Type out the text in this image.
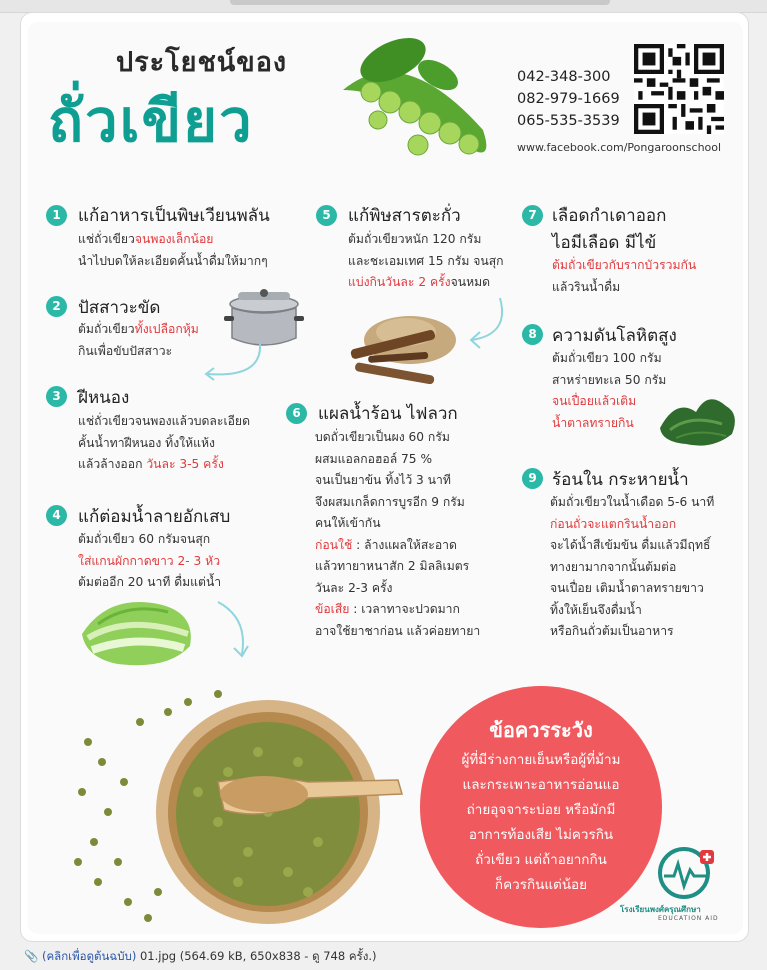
ประโยชน์ของ
ถั่วเขียว
042-348-300
082-979-1669
065-535-3539
www.facebook.com/Pongaroonschool
1	แก้อาหารเป็นพิษเวียนพลัน
แช่ถั่วเขียวจนพองเล็กน้อย
นำไปบดให้ละเอียดคั้นน้ำดื่มให้มากๆ
2	ปัสสาวะขัด
ต้มถั่วเขียวทั้งเปลือกหุ้ม
กินเพื่อขับปัสสาวะ
3	ฝีหนอง
แช่ถั่วเขียวจนพองแล้วบดละเอียด
คั้นน้ำทาฝีหนอง ทิ้งให้แห้ง
แล้วล้างออก วันละ 3-5 ครั้ง
4	แก้ต่อมน้ำลายอักเสบ
ต้มถั่วเขียว 60 กรัมจนสุก
ใส่แกนผักกาดขาว 2- 3 หัว
ต้มต่ออีก 20 นาที ดื่มแต่น้ำ
5	แก้พิษสารตะกั่ว
ต้มถั่วเขียวหนัก 120 กรัม
และชะเอมเทศ 15 กรัม จนสุก
แบ่งกินวันละ 2 ครั้งจนหมด
6	แผลน้ำร้อน ไฟลวก
บดถั่วเขียวเป็นผง 60 กรัม
ผสมแอลกอฮอล์ 75 %
จนเป็นยาข้น ทิ้งไว้ 3 นาที
จึงผสมเกล็ดการบูรอีก 9 กรัม
คนให้เข้ากัน
ก่อนใช้ : ล้างแผลให้สะอาด
แล้วทายาหนาสัก 2 มิลลิเมตร
วันละ 2-3 ครั้ง
ข้อเสีย : เวลาทาจะปวดมาก
อาจใช้ยาชาก่อน แล้วค่อยทายา
7 เลือดกำเดาออก
ไอมีเลือด มีไข้
ต้มถั่วเขียวกับรากบัวรวมกัน
แล้วรินน้ำดื่ม
8 ความดันโลหิตสูง
ต้มถั่วเขียว 100 กรัม
สาหร่ายทะเล 50 กรัม
จนเปื่อยแล้วเติม
น้ำตาลทรายกิน
9 ร้อนใน กระหายน้ำ
ต้มถั่วเขียวในน้ำเดือด 5-6 นาที
ก่อนถั่วจะแตกรินน้ำออก
จะได้น้ำสีเข้มข้น ดื่มแล้วมีฤทธิ์
ทางยามากจากนั้นต้มต่อ
จนเปื่อย เติมน้ำตาลทรายขาว
ทิ้งให้เย็นจึงดื่มน้ำ
หรือกินถั่วต้มเป็นอาหาร
ข้อควรระวัง
ผู้ที่มีร่างกายเย็นหรือผู้ที่ม้าม
และกระเพาะอาหารอ่อนแอ
ถ่ายอุจจาระบ่อย หรือมักมี
อาการท้องเสีย ไม่ควรกิน
ถั่วเขียว แต่ถ้าอยากกิน
ก็ควรกินแต่น้อย
โรงเรียนพงศ์ครุณศึกษา
EDUCATION AID
📎 (คลิกเพื่อดูต้นฉบับ) 01.jpg (564.69 kB, 650x838 - ดู 748 ครั้ง.)
